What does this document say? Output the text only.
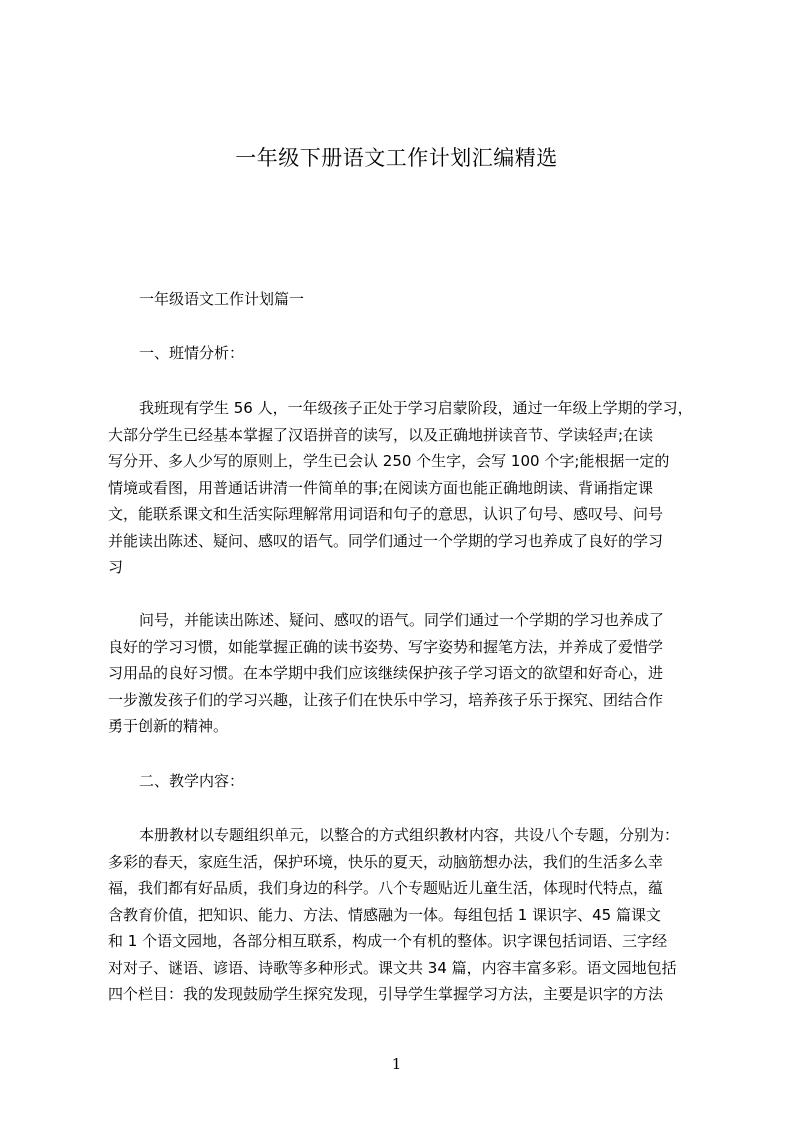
一年级下册语文工作计划汇编精选
一年级语文工作计划篇一
一、班情分析：
我班现有学生 56 人，一年级孩子正处于学习启蒙阶段，通过一年级上学期的学习，
大部分学生已经基本掌握了汉语拼音的读写，以及正确地拼读音节、学读轻声;在读
写分开、多人少写的原则上，学生已会认 250 个生字，会写 100 个字;能根据一定的
情境或看图，用普通话讲清一件简单的事;在阅读方面也能正确地朗读、背诵指定课
文，能联系课文和生活实际理解常用词语和句子的意思，认识了句号、感叹号、问号
并能读出陈述、疑问、感叹的语气。同学们通过一个学期的学习也养成了良好的学习
习
问号，并能读出陈述、疑问、感叹的语气。同学们通过一个学期的学习也养成了
良好的学习习惯，如能掌握正确的读书姿势、写字姿势和握笔方法，并养成了爱惜学
习用品的良好习惯。在本学期中我们应该继续保护孩子学习语文的欲望和好奇心，进
一步激发孩子们的学习兴趣，让孩子们在快乐中学习，培养孩子乐于探究、团结合作
勇于创新的精神。
二、教学内容：
本册教材以专题组织单元，以整合的方式组织教材内容，共设八个专题，分别为：
多彩的春天，家庭生活，保护环境，快乐的夏天，动脑筋想办法，我们的生活多么幸
福，我们都有好品质，我们身边的科学。八个专题贴近儿童生活，体现时代特点，蕴
含教育价值，把知识、能力、方法、情感融为一体。每组包括 1 课识字、45 篇课文
和 1 个语文园地，各部分相互联系，构成一个有机的整体。识字课包括词语、三字经
对对子、谜语、谚语、诗歌等多种形式。课文共 34 篇，内容丰富多彩。语文园地包括
四个栏目：我的发现鼓励学生探究发现，引导学生掌握学习方法，主要是识字的方法
1
